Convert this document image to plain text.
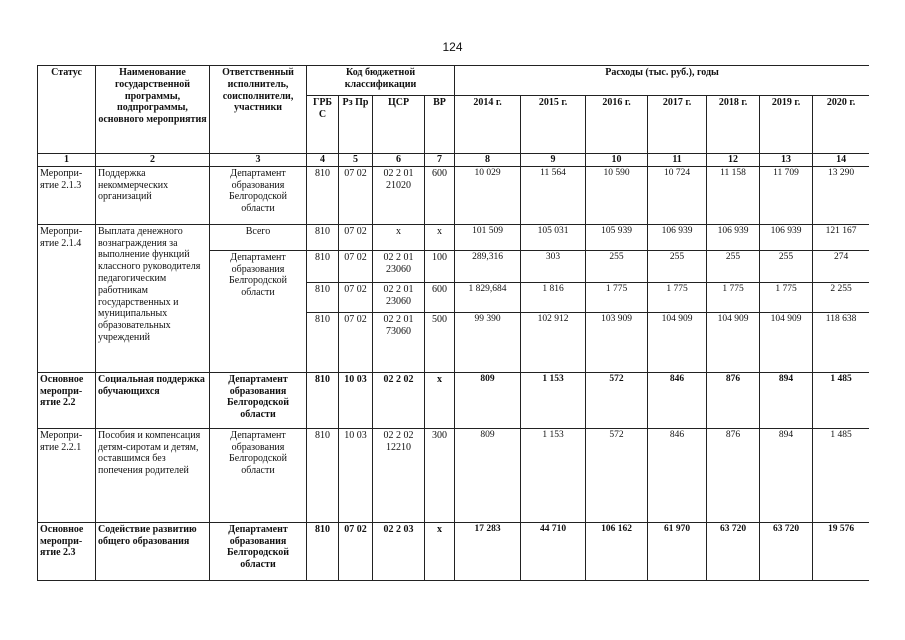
124
Статус	Наименование государственной программы, подпрограммы, основного мероприятия	Ответственный исполнитель, соисполнители, участники	Код бюджетной классификации				Расходы (тыс. руб.), годы						
			ГРБ С	Рз Пр	ЦСР	ВР	2014 г.	2015 г.	2016 г.	2017 г.	2018 г.	2019 г.	2020 г.
1	2	3	4	5	6	7	8	9	10	11	12	13	14
Меропри-ятие 2.1.3	Поддержка некоммерческих организаций	Департамент образования Белгородской области	810	07 02	02 2 01 21020	600	10 029	11 564	10 590	10 724	11 158	11 709	13 290
Меропри-ятие 2.1.4	Выплата денежного вознаграждения за выполнение функций классного руководителя педагогическим работникам государственных и муниципальных образовательных учреждений	Всего	810	07 02	х	х	101 509	105 031	105 939	106 939	106 939	106 939	121 167
		Департамент образования Белгородской области	810	07 02	02 2 01 23060	100	289,316	303	255	255	255	255	274
			810	07 02	02 2 01 23060	600	1 829,684	1 816	1 775	1 775	1 775	1 775	2 255
			810	07 02	02 2 01 73060	500	99 390	102 912	103 909	104 909	104 909	104 909	118 638
Основное меропри-ятие 2.2	Социальная поддержка обучающихся	Департамент образования Белгородской области	810	10 03	02 2 02	х	809	1 153	572	846	876	894	1 485
Меропри-ятие 2.2.1	Пособия и компенсация детям-сиротам и детям, оставшимся без попечения родителей	Департамент образования Белгородской области	810	10 03	02 2 02 12210	300	809	1 153	572	846	876	894	1 485
Основное меропри-ятие 2.3	Содействие развитию общего образования	Департамент образования Белгородской области	810	07 02	02 2 03	х	17 283	44 710	106 162	61 970	63 720	63 720	19 576
